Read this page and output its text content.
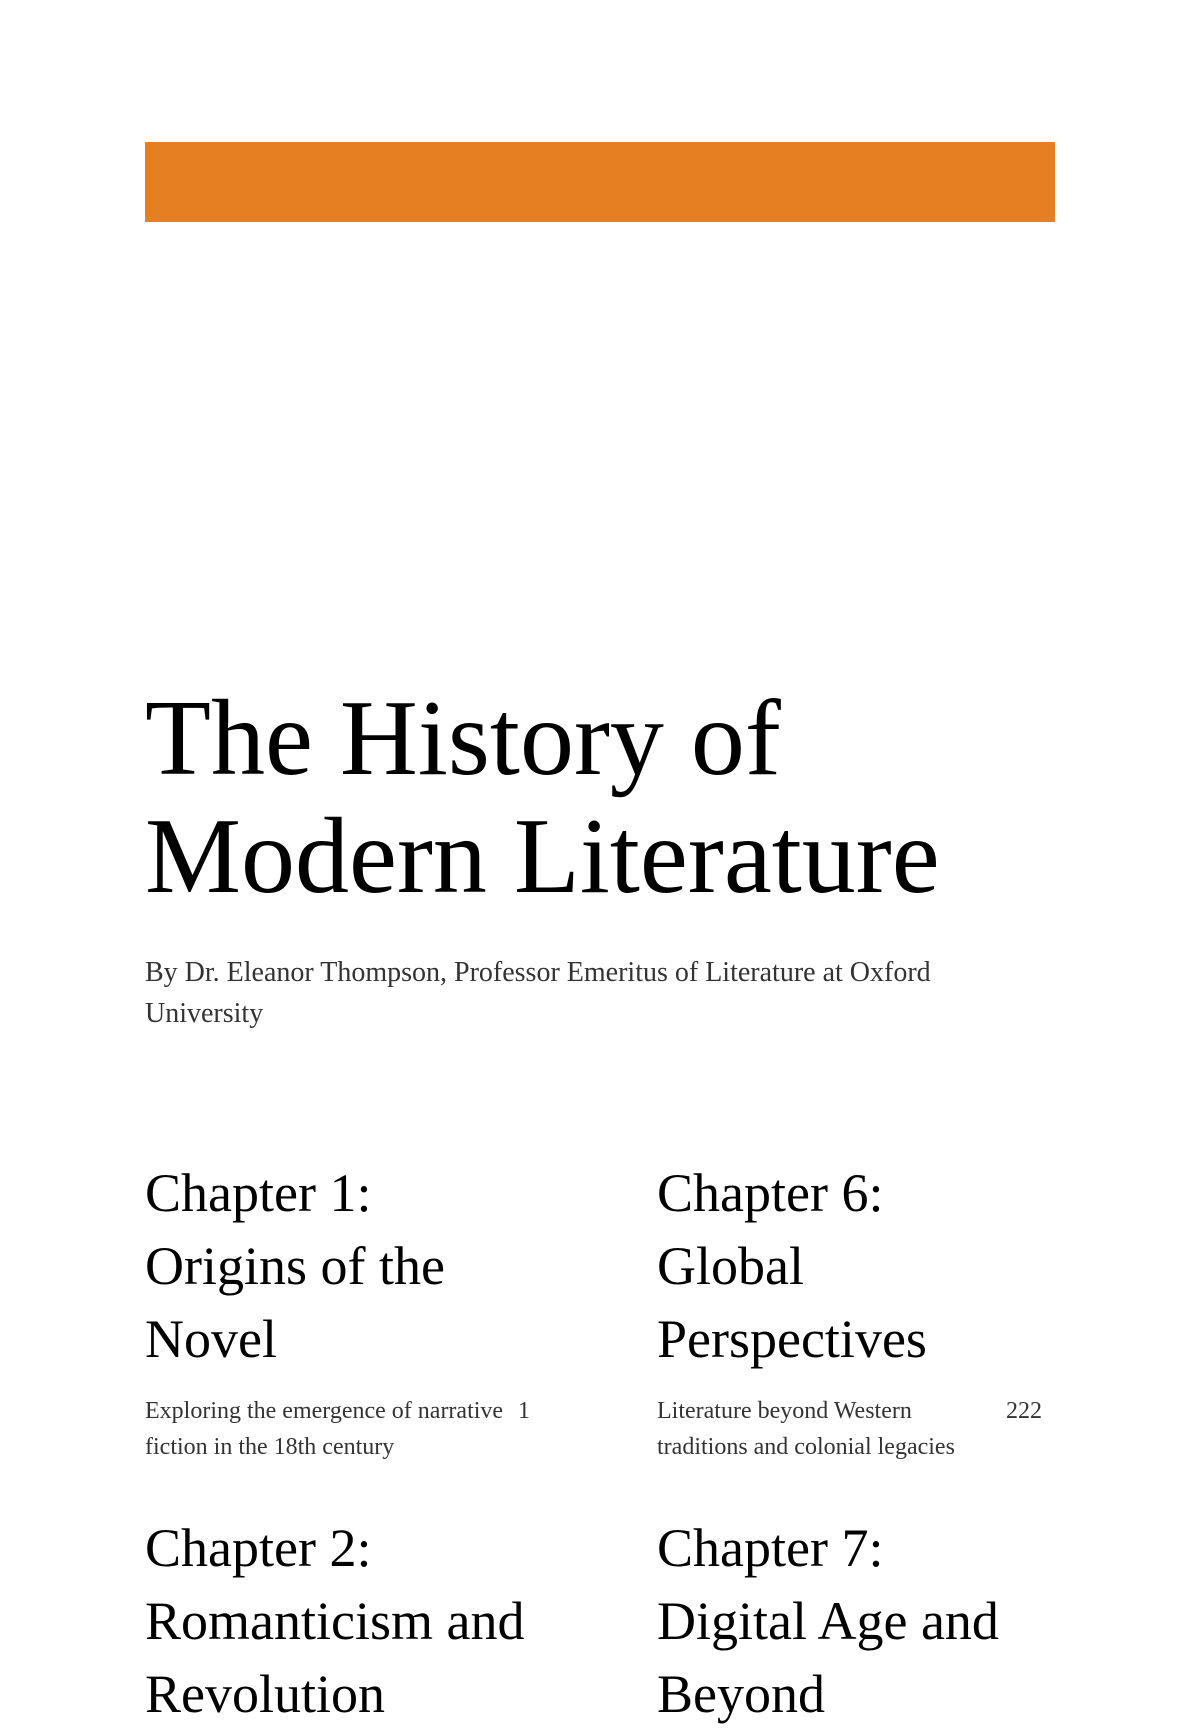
The History of
Modern Literature

By Dr. Eleanor Thompson, Professor Emeritus of Literature at Oxford
University

Chapter 1:
Origins of the
Novel

Exploring the emergence of narrative
fiction in the 18th century

1
Chapter 2:
Romanticism and
Revolution
Chapter 6:
Global
Perspectives

Literature beyond Western
traditions and colonial legacies

222
Chapter 7:
Digital Age and
Beyond
